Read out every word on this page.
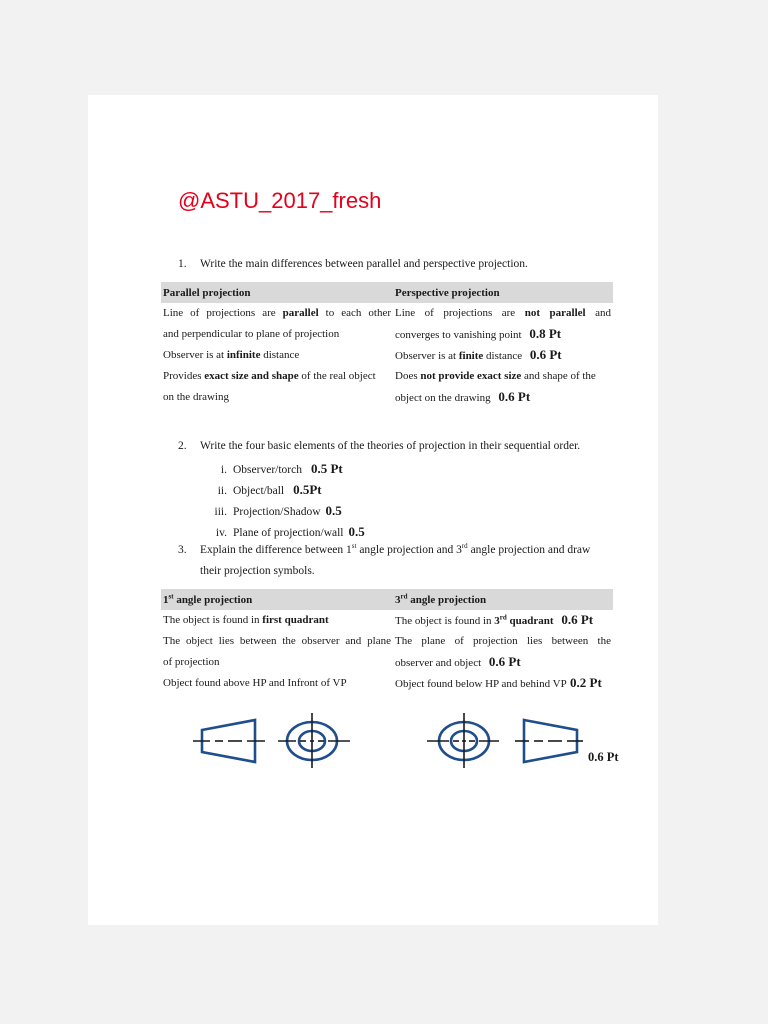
@ASTU_2017_fresh
1. Write the main differences between parallel and perspective projection.
Parallel projection	Perspective projection
Line of projections are parallel to each other	Line of projections are not parallel and
and perpendicular to plane of projection	converges to vanishing point 0.8 Pt
Observer is at infinite distance	Observer is at finite distance 0.6 Pt
Provides exact size and shape of the real object	Does not provide exact size and shape of the
on the drawing	object on the drawing 0.6 Pt
2. Write the four basic elements of the theories of projection in their sequential order.
i. Observer/torch 0.5 Pt
ii. Object/ball 0.5Pt
iii. Projection/Shadow 0.5
iv. Plane of projection/wall 0.5
3. Explain the difference between 1st angle projection and 3rd angle projection and draw
their projection symbols.
1st angle projection	3rd angle projection
The object is found in first quadrant	The object is found in 3rd quadrant 0.6 Pt
The object lies between the observer and plane	The plane of projection lies between the
of projection	observer and object 0.6 Pt
Object found above HP and Infront of VP	Object found below HP and behind VP 0.2 Pt
0.6 Pt
